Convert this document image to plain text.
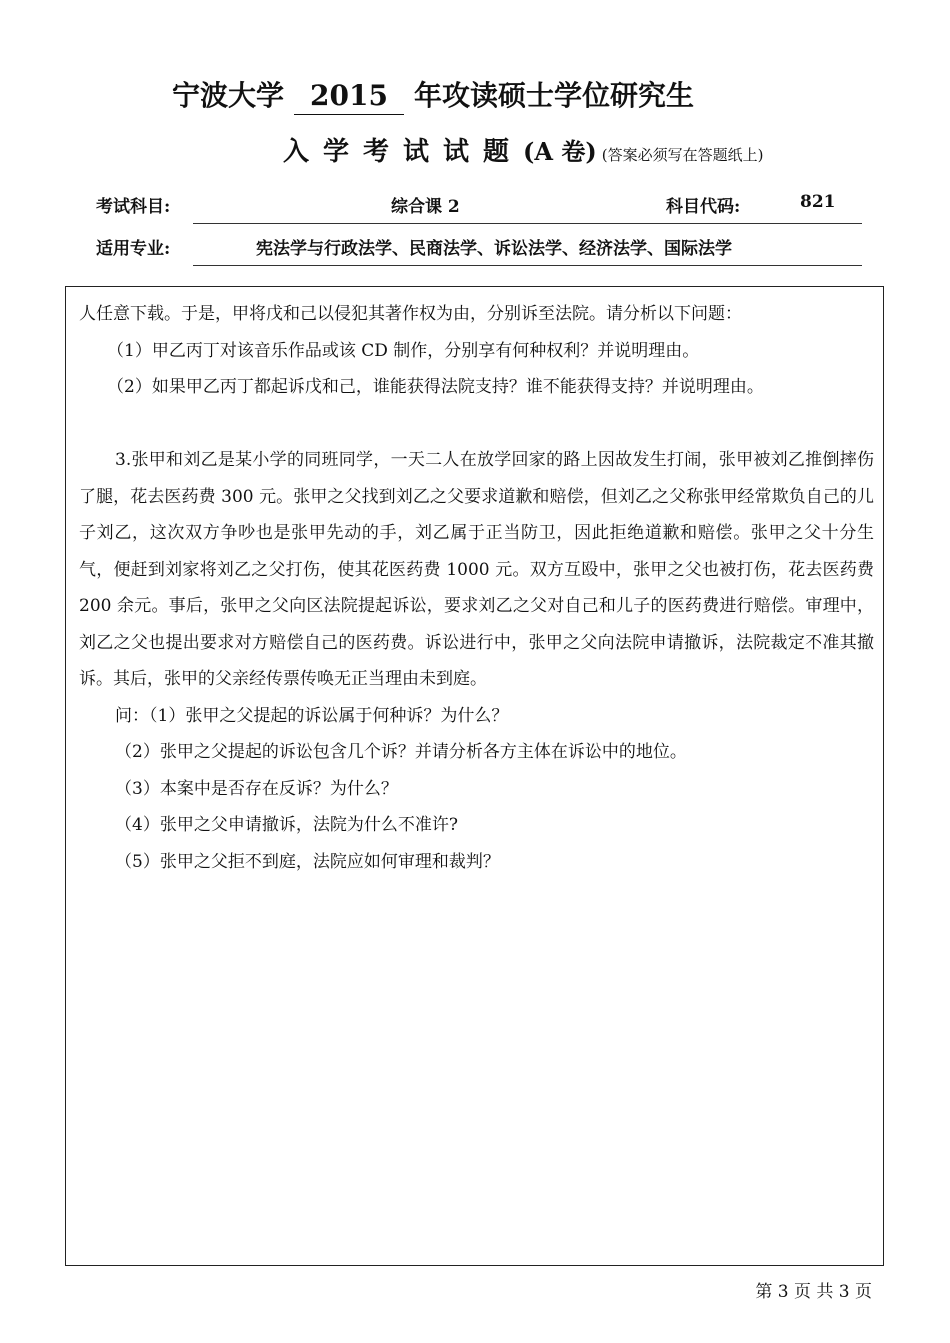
宁波大学 2015 年攻读硕士学位研究生
入学考试试题(A 卷) (答案必须写在答题纸上)
考试科目:	综合课 2	科目代码:	821
适用专业:	宪法学与行政法学、民商法学、诉讼法学、经济法学、国际法学

人任意下载。于是，甲将戊和己以侵犯其著作权为由，分别诉至法院。请分析以下问题：

（1）甲乙丙丁对该音乐作品或该 CD 制作，分别享有何种权利？并说明理由。

（2）如果甲乙丙丁都起诉戊和己，谁能获得法院支持？谁不能获得支持？并说明理由。

3.张甲和刘乙是某小学的同班同学，一天二人在放学回家的路上因故发生打闹，张甲被刘乙推倒摔伤了腿，花去医药费 300 元。张甲之父找到刘乙之父要求道歉和赔偿，但刘乙之父称张甲经常欺负自己的儿子刘乙，这次双方争吵也是张甲先动的手，刘乙属于正当防卫，因此拒绝道歉和赔偿。张甲之父十分生气，便赶到刘家将刘乙之父打伤，使其花医药费 1000 元。双方互殴中，张甲之父也被打伤，花去医药费 200 余元。事后，张甲之父向区法院提起诉讼，要求刘乙之父对自己和儿子的医药费进行赔偿。审理中，刘乙之父也提出要求对方赔偿自己的医药费。诉讼进行中，张甲之父向法院申请撤诉，法院裁定不准其撤诉。其后，张甲的父亲经传票传唤无正当理由未到庭。

问：（1）张甲之父提起的诉讼属于何种诉？为什么？

（2）张甲之父提起的诉讼包含几个诉？并请分析各方主体在诉讼中的地位。

（3）本案中是否存在反诉？为什么？

（4）张甲之父申请撤诉，法院为什么不准许?

（5）张甲之父拒不到庭，法院应如何审理和裁判？

第 3 页 共 3 页
